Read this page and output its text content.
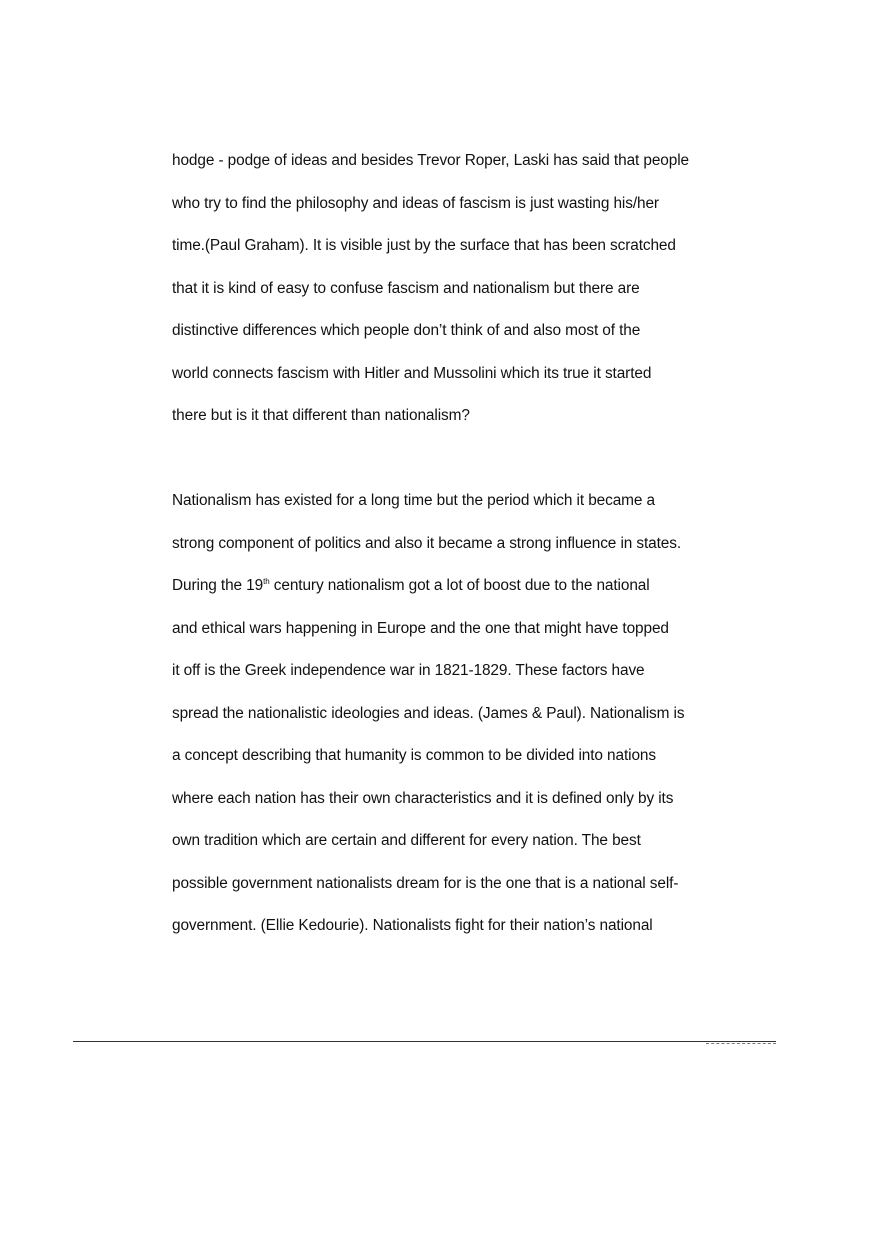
hodge - podge of ideas and besides Trevor Roper, Laski has said that people
who try to find the philosophy and ideas of fascism is just wasting his/her
time.(Paul Graham). It is visible just by the surface that has been scratched
that it is kind of easy to confuse fascism and nationalism but there are
distinctive differences which people don’t think of and also most of the
world connects fascism with Hitler and Mussolini which its true it started
there but is it that different than nationalism?
Nationalism has existed for a long time but the period which it became a
strong component of politics and also it became a strong influence in states.
During the 19th century nationalism got a lot of boost due to the national
and ethical wars happening in Europe and the one that might have topped
it off is the Greek independence war in 1821-1829. These factors have
spread the nationalistic ideologies and ideas. (James & Paul). Nationalism is
a concept describing that humanity is common to be divided into nations
where each nation has their own characteristics and it is defined only by its
own tradition which are certain and different for every nation. The best
possible government nationalists dream for is the one that is a national self-
government. (Ellie Kedourie). Nationalists fight for their nation’s national
